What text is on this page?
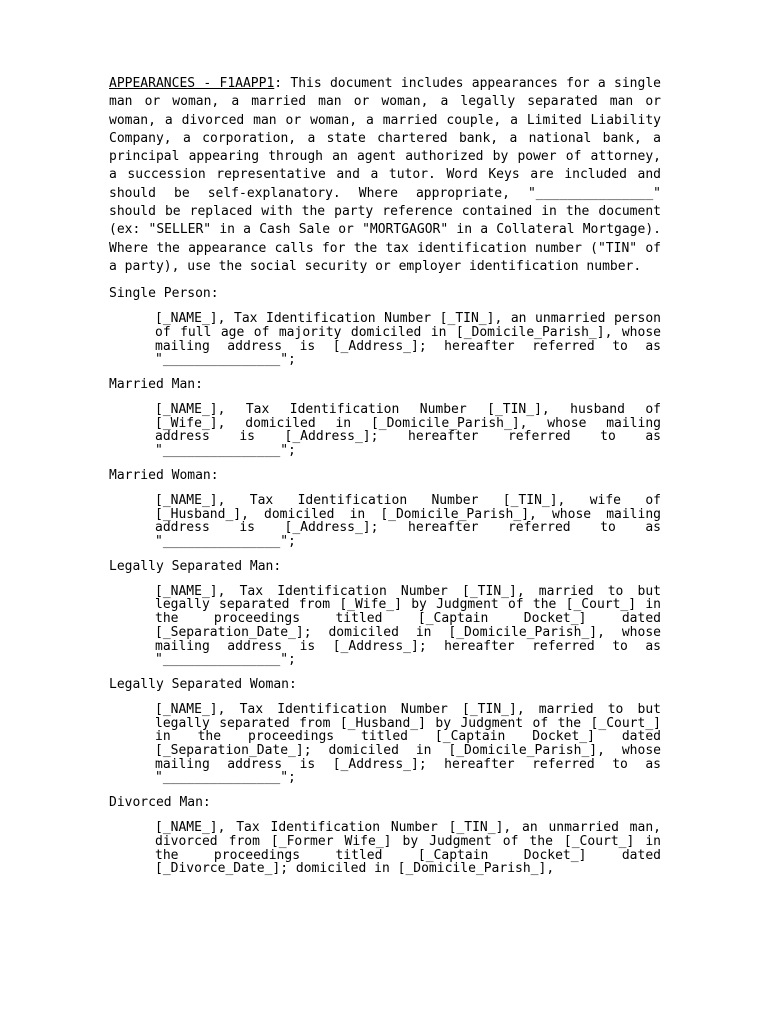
APPEARANCES - F1AAPP1: This document includes appearances for a single man or woman, a married man or woman, a legally separated man or woman, a divorced man or woman, a married couple, a Limited Liability Company, a corporation, a state chartered bank, a national bank, a principal appearing through an agent authorized by power of attorney, a succession representative and a tutor. Word Keys are included and should be self-explanatory. Where appropriate, "_______________" should be replaced with the party reference contained in the document (ex: "SELLER" in a Cash Sale or "MORTGAGOR" in a Collateral Mortgage). Where the appearance calls for the tax identification number ("TIN" of a party), use the social security or employer identification number.

Single Person:

[_NAME_], Tax Identification Number [_TIN_], an unmarried person of full age of majority domiciled in [_Domicile_Parish_], whose mailing address is [_Address_]; hereafter referred to as "_______________";

Married Man:

[_NAME_], Tax Identification Number [_TIN_], husband of [_Wife_], domiciled in [_Domicile_Parish_], whose mailing address is [_Address_]; hereafter referred to as "_______________";

Married Woman:

[_NAME_], Tax Identification Number [_TIN_], wife of [_Husband_], domiciled in [_Domicile_Parish_], whose mailing address is [_Address_]; hereafter referred to as "_______________";

Legally Separated Man:

[_NAME_], Tax Identification Number [_TIN_], married to but legally separated from [_Wife_] by Judgment of the [_Court_] in the proceedings titled [_Captain Docket_] dated [_Separation_Date_]; domiciled in [_Domicile_Parish_], whose mailing address is [_Address_]; hereafter referred to as "_______________";

Legally Separated Woman:

[_NAME_], Tax Identification Number [_TIN_], married to but legally separated from [_Husband_] by Judgment of the [_Court_] in the proceedings titled [_Captain Docket_] dated [_Separation_Date_]; domiciled in [_Domicile_Parish_], whose mailing address is [_Address_]; hereafter referred to as "_______________";

Divorced Man:

[_NAME_], Tax Identification Number [_TIN_], an unmarried man, divorced from [_Former Wife_] by Judgment of the [_Court_] in the proceedings titled [_Captain Docket_] dated [_Divorce_Date_]; domiciled in [_Domicile_Parish_],
